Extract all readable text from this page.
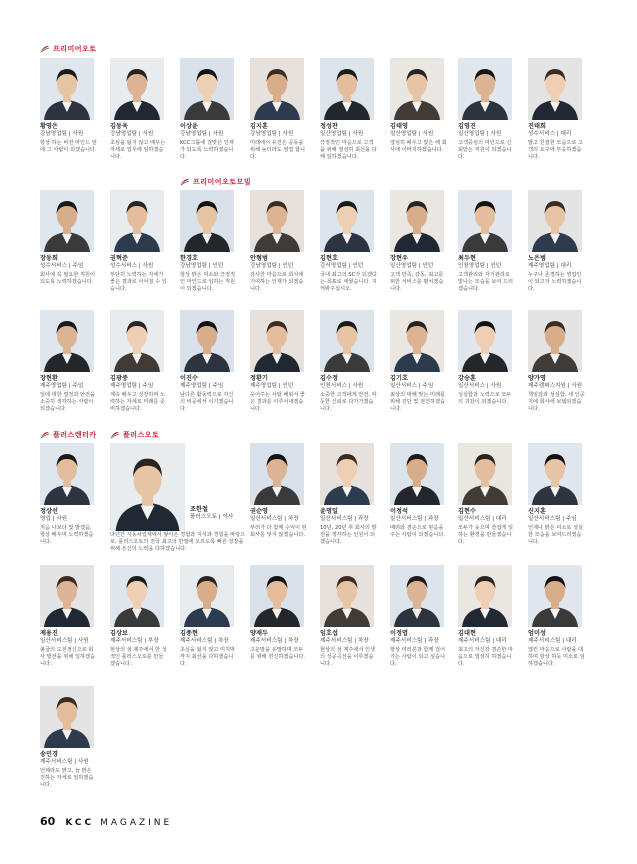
프리미어오토
프리미어오토모빌
플러스렌터카	플러스오토
황영은
강남영업팀 | 사원
항상 하는 비전 마인드 앞에 그 사람이 되겠습니다.
김동욱
강남영업팀 | 사원
초심을 잃지 않고 배우는 자세로 업무에 임하겠습니다.
이상윤
강남영업팀 | 사원
KCC그룹에 걸맞은 인재가 되도록 노력하겠습니다.
김지훈
강남영업팀 | 사원
미래에서 유진은 공동을 위해 늦더라도 영업 합니다.
정성찬
일산영업팀 | 사원
긍정적인 마음으로 고객을 위해 열심히 최선을 다해 일하겠습니다.
김태영
일산영업팀 | 사원
열심히 배우고 빛은 해 회사에 이바지하겠습니다.
김영진
일산영업팀 | 사원
고객중심의 마인드로 신뢰받는 직원이 되겠습니다.
진태희
성수서비스 | 대리
밝고 친절한 모습으로 고객의 요구에 부응하겠습니다.
장동희
성수서비스 | 주임
회사에 꼭 필요한 직원이 되도록 노력하겠습니다.
권혁준
성수서비스 | 사원
부단히 노력하는 자세가 좋은 결과로 이어질 수 있습니다.
한경호
강남영업팀 | 인턴
항상 밝은 미소와 긍정적인 마인드로 임하는 직원이 되겠습니다.
안형범
강남영업팀 | 인턴
감사한 마음으로 회사에 기여하는 인재가 되겠습니다.
김현호
강서영업팀 | 인턴
국내 최고의 SC가 되겠다는 목표로 세웠습니다. 지켜봐주십시오.
장현우
일산영업팀 | 인턴
고객 만족, 감동, 최고를 위한 서비스를 펼치겠습니다.
최두현
인천영업팀 | 인턴
고객관리와 자기관리로 빛나는 모습을 보여 드리겠습니다.
노은범
제주영업팀 | 대리
누구나 존경하는 영업인이 되고자 노력하겠습니다.
장현환
제주영업팀 | 주임
일에 대한 열정과 안전을 소중히 생각하는 사람이 되겠습니다.
김광중
제주영업팀 | 주임
계속 배우고 성장하며 노력하는 자세로 미래를 준비하겠습니다.
이진수
제주영업팀 | 주임
남다른 활동력으로 자신의 비공에서 이기겠습니다.
정환기
제주영업팀 | 인턴
웃어주는 사람 배워서 좋은 결과를 이루어내겠습니다.
김수정
인천서비스 | 사원
소중한 고객에게 안전, 따듯한 신뢰로 다가가겠습니다.
김기호
일산서비스 | 주임
최상의 대해 맞는 미래를 위해 진단 및 전진하겠습니다.
강승훈
일산서비스 | 사원
성실함과 노력으로 모두의 귀감이 되겠습니다.
양가영
제주캠퍼스지원 | 사원
책임감과 성실함, 새 인공지에 회사에 보탬되겠습니다.
정상선
영업 | 사원
처음 나보다 빛 밝겠음, 항상 배우며 노력하겠습니다.
조한철
플러스오토 | 이사
다년간 자동차업계에서 쌓아온 경험과 지식과 경험을 바탕으로, 플러스오토의 전국 최고의 반열에 오르도록 빠른 성장을 위해 온신의 노력을 다하겠습니다.
권순영
일산서비스팀 | 차장
부러가 다 함께 수익이 된 회사를 잊지 않겠습니다.
윤명일
일산서비스팀 | 과장
10년, 20년 후 회사의 발전을 생각하는 인원이 되겠습니다.
이정석
일산서비스팀 | 과장
배려와 겸손으로 믿음을 주는 사람이 되겠습니다.
김현수
일산서비스팀 | 대리
모두가 웃으며 즐겁게 일하는 환경을 만들겠습니다.
신지훈
일산서비스팀 | 주임
언제나 밝은 미소로 성실한 모습을 보여드리겠습니다.
제용진
일산서비스팀 | 사원
불굴의 도전정신으로 회사 발전을 위해 일하겠습니다.
김상보
제주서비스팀 | 부장
현상의 섬 제주에서 한 성적인 플러스오토를 만들겠습니다.
김종현
제주서비스팀 | 차장
초심을 잃지 않고 미지막까지 최선을 다하겠습니다.
양재두
제주서비스팀 | 차장
고운말을 유발하며 모두를 위해 헌신하겠습니다.
임호섭
제주서비스팀 | 차장
현상의 섬 제주에서 인생의 성공곡선을 이루겠습니다.
이정엽
제주서비스팀 | 과장
항상 여러분과 함께 걸어가는 사람이 되고 싶습니다.
김대현
제주서비스팀 | 대리
최고의 자신감 겸손한 마음으로 열심히 하겠습니다.
엄미성
제주서비스팀 | 대리
열린 마음으로 사람을 대하며 항상 하듯 미소로 임하겠습니다.
송민경
제주서비스팀 | 사원
언제라도 밝고, 늘 밝은 진하는 자세로 임하겠습니다.
60 KCC MAGAZINE
